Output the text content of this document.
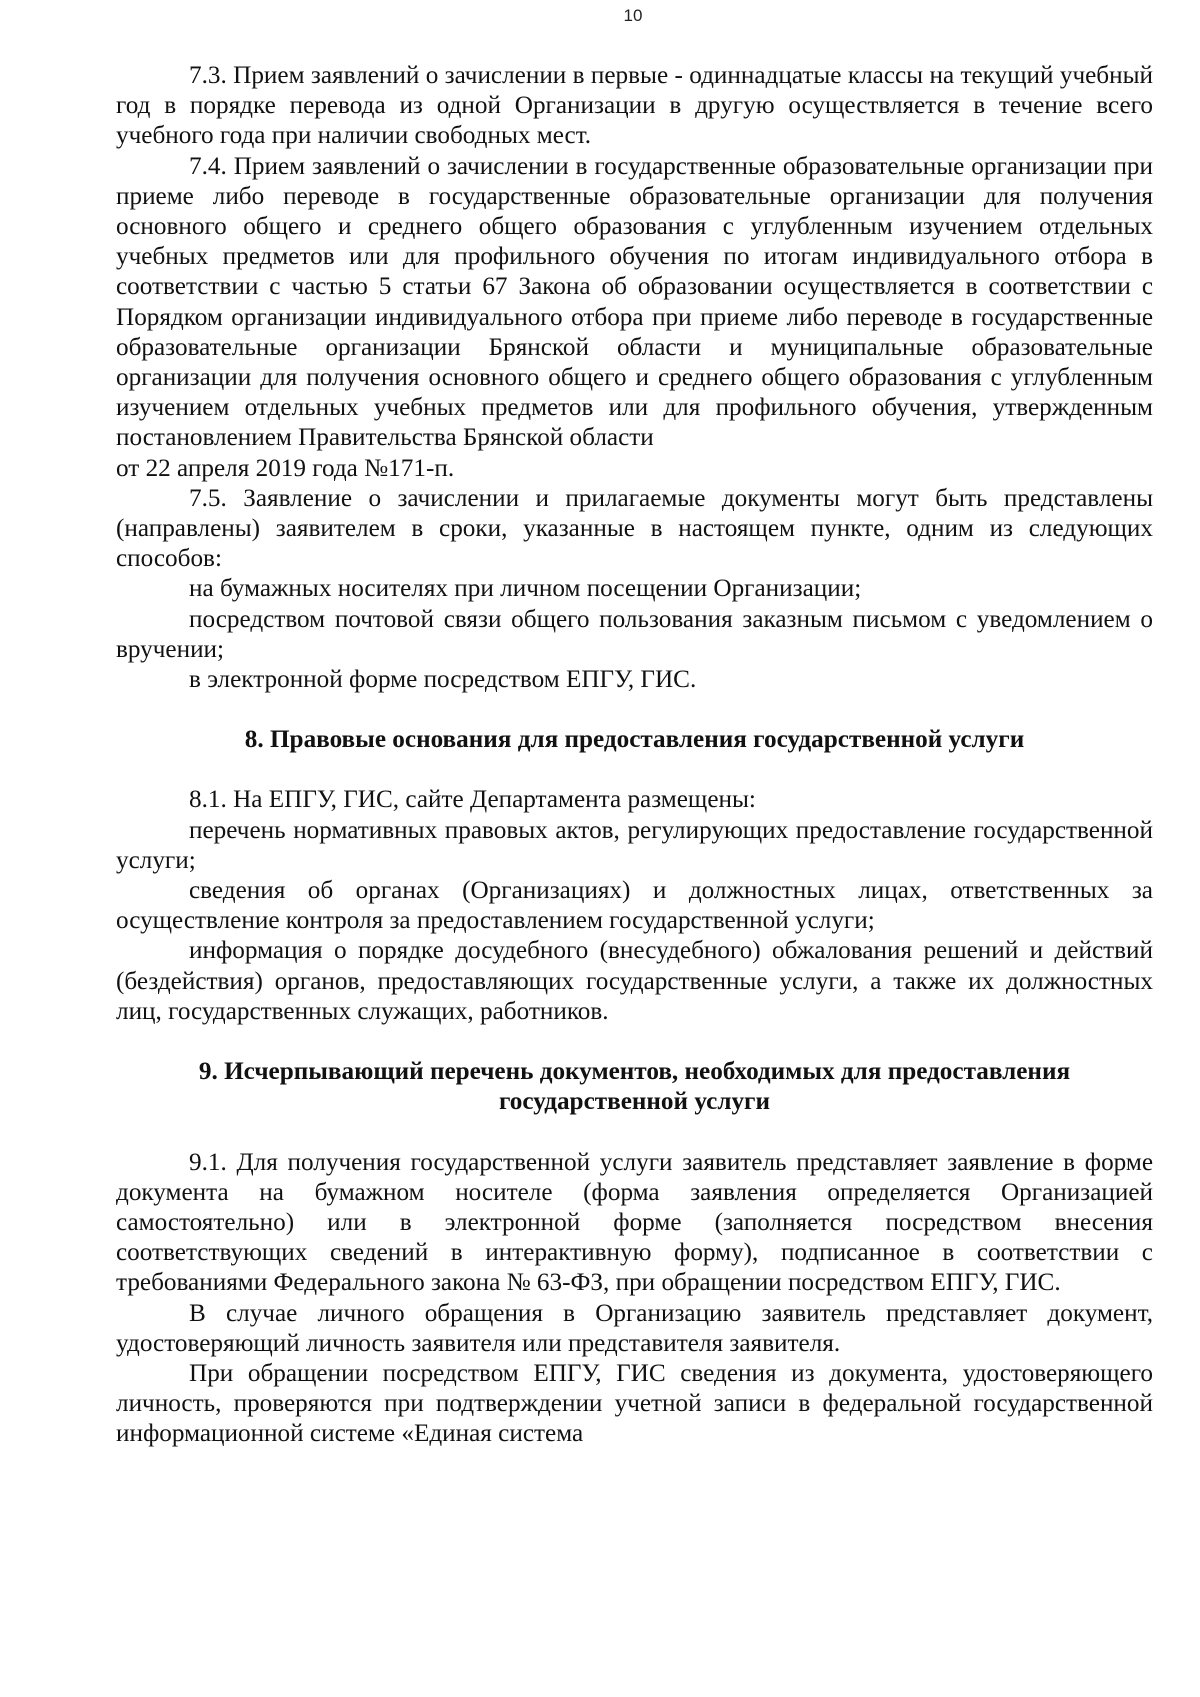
10

7.3. Прием заявлений о зачислении в первые - одиннадцатые классы на текущий учебный год в порядке перевода из одной Организации в другую осуществляется в течение всего учебного года при наличии свободных мест.

7.4. Прием заявлений о зачислении в государственные образовательные организации при приеме либо переводе в государственные образовательные организации для получения основного общего и среднего общего образования с углубленным изучением отдельных учебных предметов или для профильного обучения по итогам индивидуального отбора в соответствии с частью 5 статьи 67 Закона об образовании осуществляется в соответствии с Порядком организации индивидуального отбора при приеме либо переводе в государственные образовательные организации Брянской области и муниципальные образовательные организации для получения основного общего и среднего общего образования с углубленным изучением отдельных учебных предметов или для профильного обучения, утвержденным постановлением Правительства Брянской области

от 22 апреля 2019 года №171-п.

7.5. Заявление о зачислении и прилагаемые документы могут быть представлены (направлены) заявителем в сроки, указанные в настоящем пункте, одним из следующих способов:

на бумажных носителях при личном посещении Организации;

посредством почтовой связи общего пользования заказным письмом с уведомлением о вручении;

в электронной форме посредством ЕПГУ, ГИС.

8. Правовые основания для предоставления государственной услуги

8.1. На ЕПГУ, ГИС, сайте Департамента размещены:

перечень нормативных правовых актов, регулирующих предоставление государственной услуги;

сведения об органах (Организациях) и должностных лицах, ответственных за осуществление контроля за предоставлением государственной услуги;

информация о порядке досудебного (внесудебного) обжалования решений и действий (бездействия) органов, предоставляющих государственные услуги, а также их должностных лиц, государственных служащих, работников.

9. Исчерпывающий перечень документов, необходимых для предоставления государственной услуги

9.1. Для получения государственной услуги заявитель представляет заявление в форме документа на бумажном носителе (форма заявления определяется Организацией самостоятельно) или в электронной форме (заполняется посредством внесения соответствующих сведений в интерактивную форму), подписанное в соответствии с требованиями Федерального закона № 63-ФЗ, при обращении посредством ЕПГУ, ГИС.

В случае личного обращения в Организацию заявитель представляет документ, удостоверяющий личность заявителя или представителя заявителя.

При обращении посредством ЕПГУ, ГИС сведения из документа, удостоверяющего личность, проверяются при подтверждении учетной записи в федеральной государственной информационной системе «Единая система
